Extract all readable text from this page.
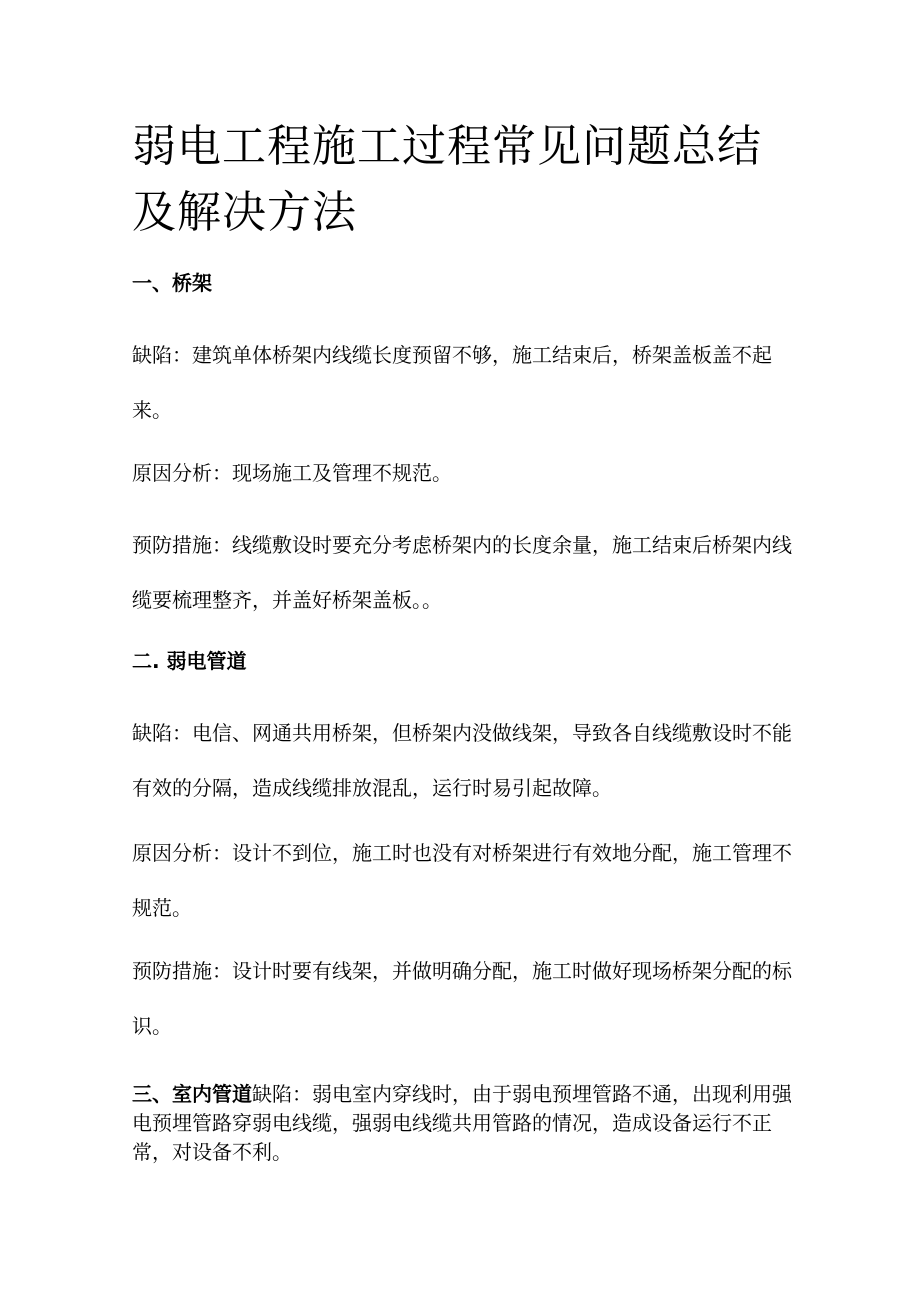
弱电工程施工过程常见问题总结及解决方法
一、桥架

缺陷：建筑单体桥架内线缆长度预留不够，施工结束后，桥架盖板盖不起来。

原因分析：现场施工及管理不规范。

预防措施：线缆敷设时要充分考虑桥架内的长度余量，施工结束后桥架内线缆要梳理整齐，并盖好桥架盖板。。

二. 弱电管道

缺陷：电信、网通共用桥架，但桥架内没做线架，导致各自线缆敷设时不能有效的分隔，造成线缆排放混乱，运行时易引起故障。

原因分析：设计不到位，施工时也没有对桥架进行有效地分配，施工管理不规范。

预防措施：设计时要有线架，并做明确分配，施工时做好现场桥架分配的标识。

三、室内管道缺陷：弱电室内穿线时，由于弱电预埋管路不通，出现利用强电预埋管路穿弱电线缆，强弱电线缆共用管路的情况，造成设备运行不正常，对设备不利。
